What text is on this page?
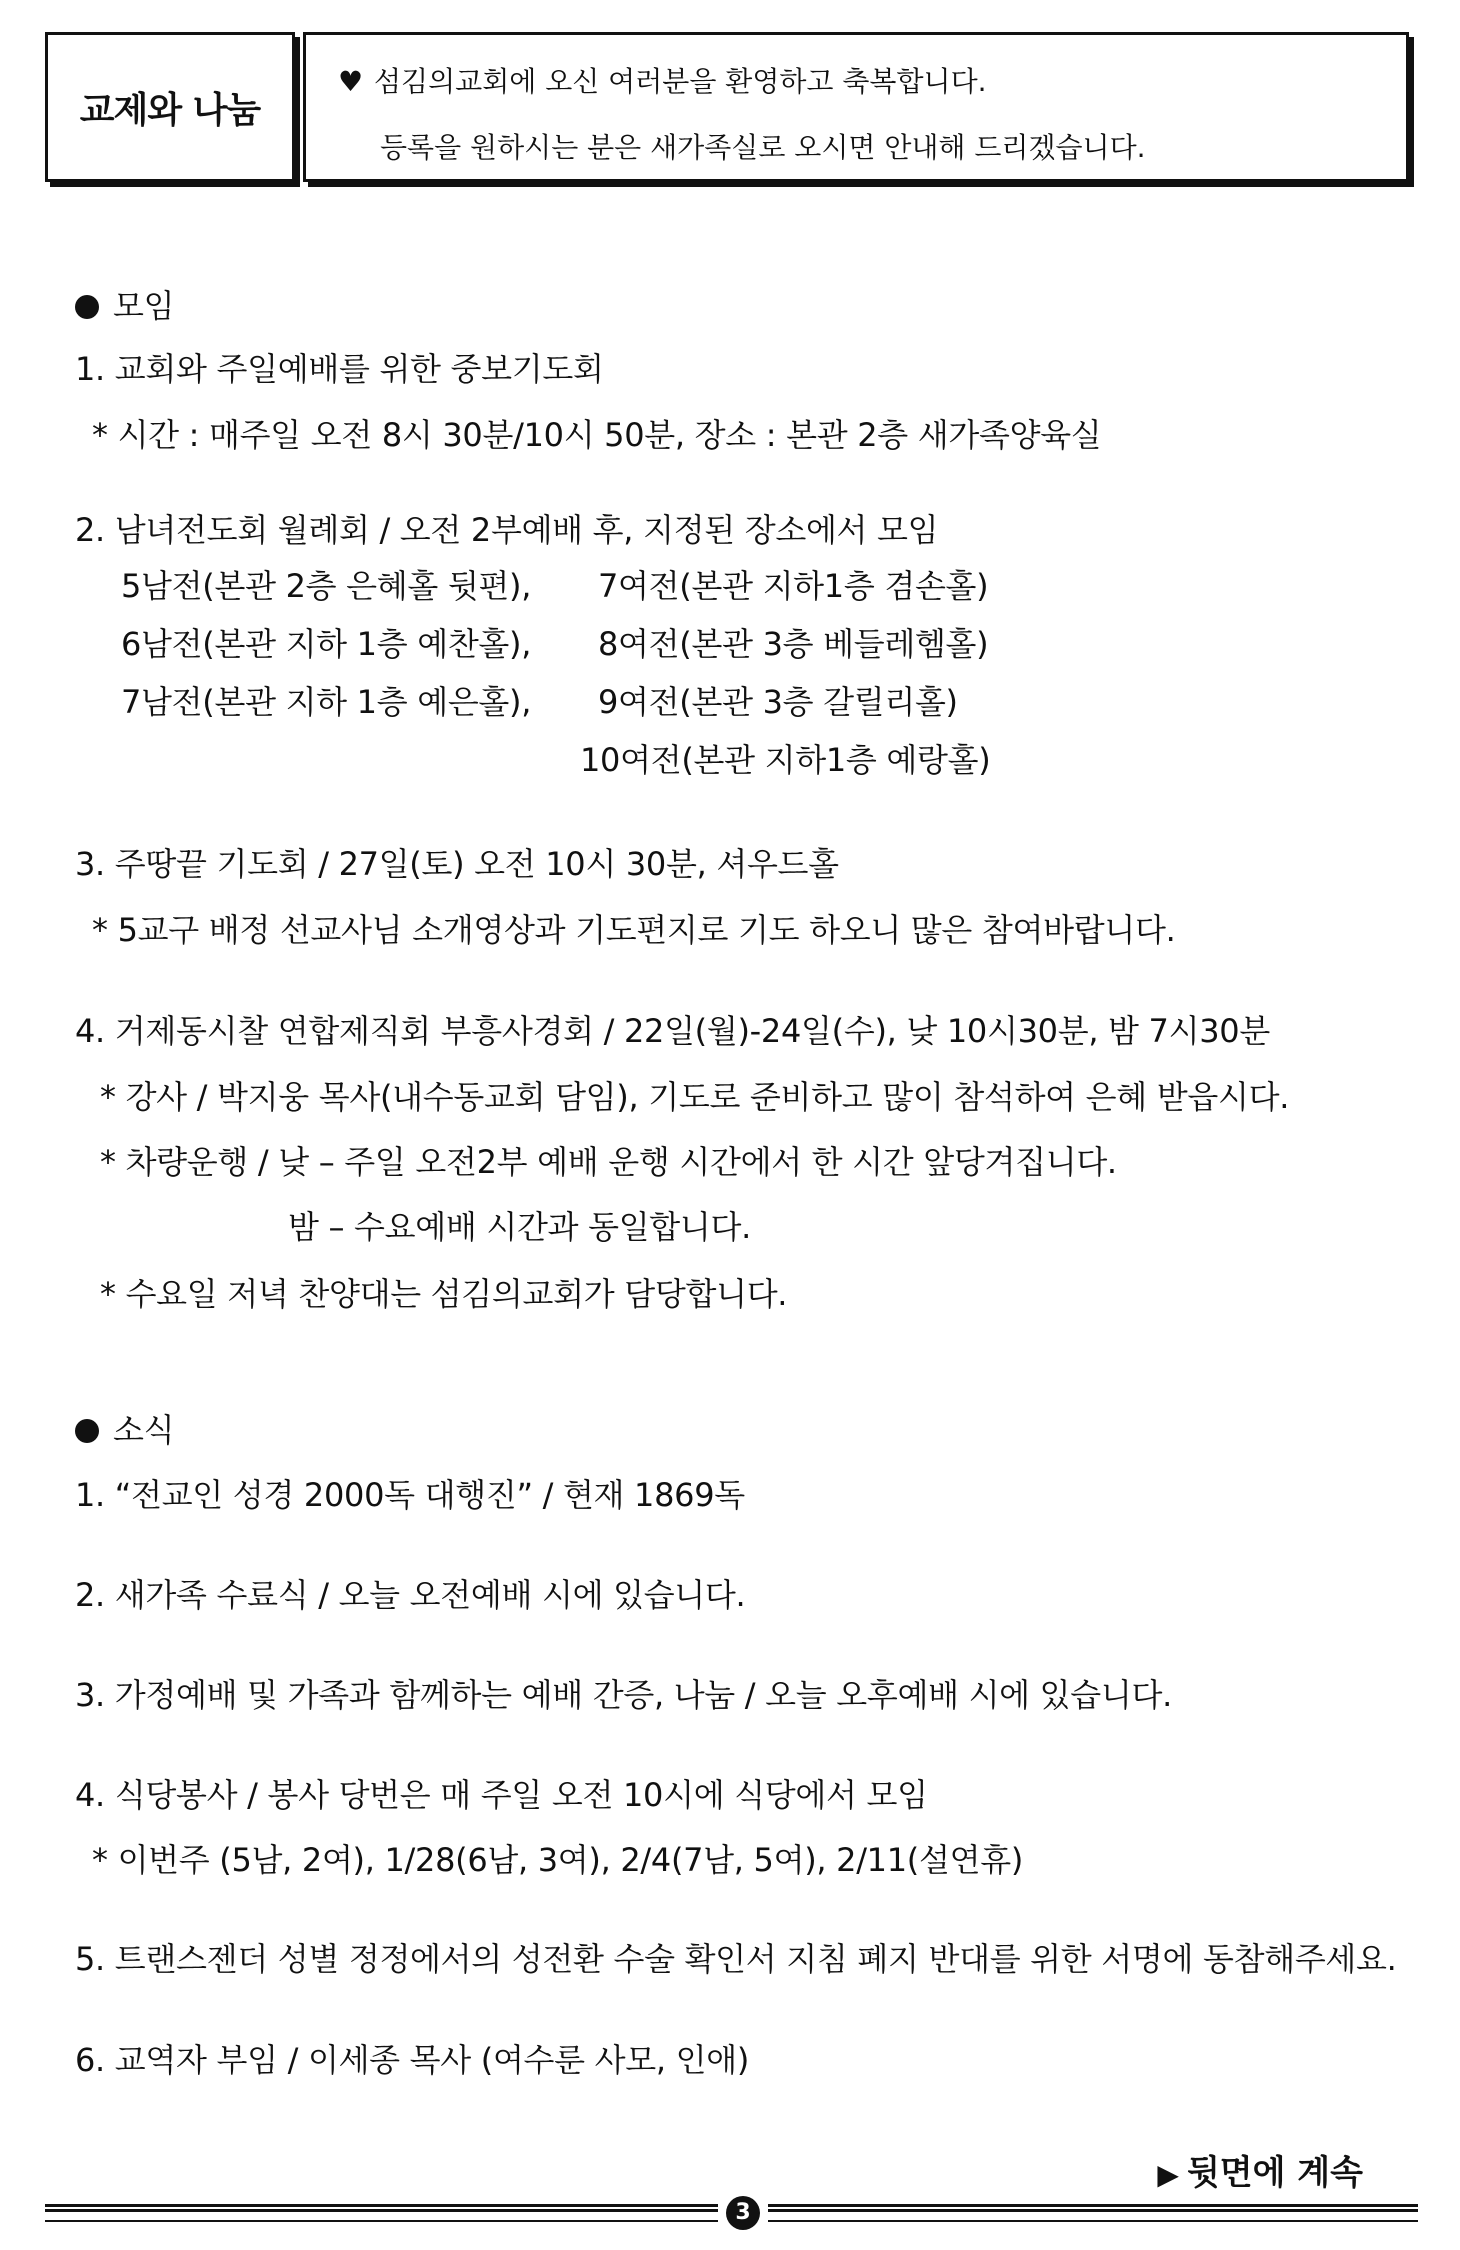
교제와 나눔
♥ 섬김의교회에 오신 여러분을 환영하고 축복합니다.
등록을 원하시는 분은 새가족실로 오시면 안내해 드리겠습니다.
모임
1. 교회와 주일예배를 위한 중보기도회
* 시간 : 매주일 오전 8시 30분/10시 50분, 장소 : 본관 2층 새가족양육실
2. 남녀전도회 월례회 / 오전 2부예배 후, 지정된 장소에서 모임
5남전(본관 2층 은혜홀 뒷편), 7여전(본관 지하1층 겸손홀)
6남전(본관 지하 1층 예찬홀), 8여전(본관 3층 베들레헴홀)
7남전(본관 지하 1층 예은홀), 9여전(본관 3층 갈릴리홀)
10여전(본관 지하1층 예랑홀)
3. 주땅끝 기도회 / 27일(토) 오전 10시 30분, 셔우드홀
* 5교구 배정 선교사님 소개영상과 기도편지로 기도 하오니 많은 참여바랍니다.
4. 거제동시찰 연합제직회 부흥사경회 / 22일(월)-24일(수), 낮 10시30분, 밤 7시30분
* 강사 / 박지웅 목사(내수동교회 담임), 기도로 준비하고 많이 참석하여 은혜 받읍시다.
* 차량운행 / 낮 – 주일 오전2부 예배 운행 시간에서 한 시간 앞당겨집니다.
밤 – 수요예배 시간과 동일합니다.
* 수요일 저녁 찬양대는 섬김의교회가 담당합니다.
소식
1. “전교인 성경 2000독 대행진” / 현재 1869독
2. 새가족 수료식 / 오늘 오전예배 시에 있습니다.
3. 가정예배 및 가족과 함께하는 예배 간증, 나눔 / 오늘 오후예배 시에 있습니다.
4. 식당봉사 / 봉사 당번은 매 주일 오전 10시에 식당에서 모임
* 이번주 (5남, 2여), 1/28(6남, 3여), 2/4(7남, 5여), 2/11(설연휴)
5. 트랜스젠더 성별 정정에서의 성전환 수술 확인서 지침 폐지 반대를 위한 서명에 동참해주세요.
6. 교역자 부임 / 이세종 목사 (여수룬 사모, 인애)
▶ 뒷면에 계속
3
